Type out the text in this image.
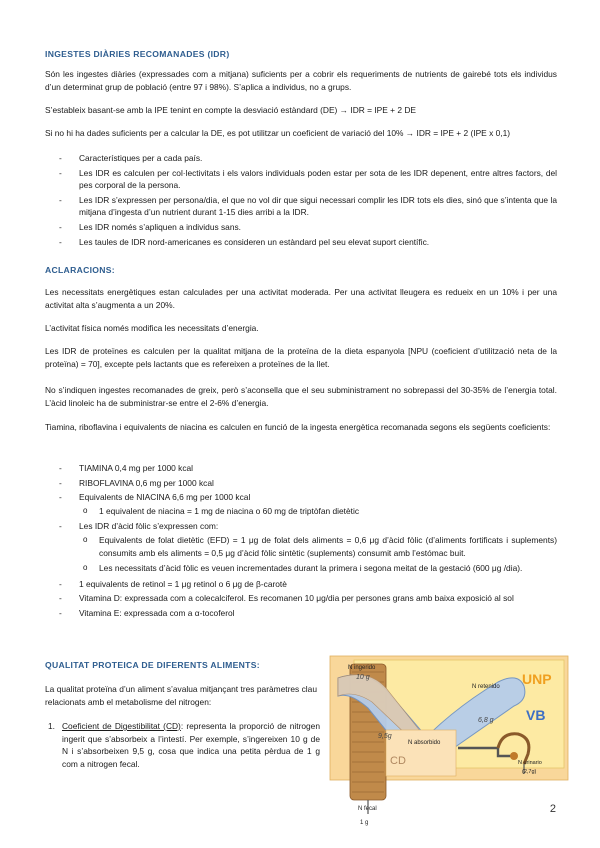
INGESTES DIÀRIES RECOMANADES (IDR)
Són les ingestes diàries (expressades com a mitjana) suficients per a cobrir els requeriments de nutrients de gairebé tots els individus d’un determinat grup de població (entre 97 i 98%). S’aplica a individus, no a grups.
S’estableix basant-se amb la IPE tenint en compte la desviació estàndard (DE) → IDR = IPE + 2 DE
Si no hi ha dades suficients per a calcular la DE, es pot utilitzar un coeficient de variació del 10% → IDR = IPE + 2 (IPE x 0,1)
- Característiques per a cada país.
- Les IDR es calculen per col·lectivitats i els valors individuals poden estar per sota de les IDR depenent, entre altres factors, del pes corporal de la persona.
- Les IDR s’expressen per persona/dia, el que no vol dir que sigui necessari complir les IDR tots els dies, sinó que s’intenta que la mitjana d’ingesta d’un nutrient durant 1-15 dies arribi a la IDR.
- Les IDR només s’apliquen a individus sans.
- Les taules de IDR nord-americanes es consideren un estàndard pel seu elevat suport científic.
ACLARACIONS:
Les necessitats energètiques estan calculades per una activitat moderada. Per una activitat lleugera es redueix en un 10% i per una activitat alta s’augmenta a un 20%.
L’activitat física només modifica les necessitats d’energia.
Les IDR de proteïnes es calculen per la qualitat mitjana de la proteïna de la dieta espanyola [NPU (coeficient d’utilització neta de la proteïna) = 70], excepte pels lactants que es refereixen a proteïnes de la llet.
No s’indiquen ingestes recomanades de greix, però s’aconsella que el seu subministrament no sobrepassi del 30-35% de l’energia total. L’àcid linoleic ha de subministrar-se entre el 2-6% d’energia.
Tiamina, riboflavina i equivalents de niacina es calculen en funció de la ingesta energètica recomanada segons els següents coeficients:
- TIAMINA 0,4 mg per 1000 kcal
- RIBOFLAVINA 0,6 mg per 1000 kcal
- Equivalents de NIACINA 6,6 mg per 1000 kcal
o 1 equivalent de niacina = 1 mg de niacina o 60 mg de triptòfan dietètic
- Les IDR d’àcid fòlic s’expressen com:
o Equivalents de folat dietètic (EFD) = 1 μg de folat dels aliments = 0,6 μg d’àcid fòlic (d’aliments fortificats i suplements) consumits amb els aliments = 0,5 μg d’àcid fòlic sintètic (suplements) consumit amb l’estómac buit.
o Les necessitats d’àcid fòlic es veuen incrementades durant la primera i segona meitat de la gestació (600 μg /dia).
- 1 equivalents de retinol = 1 μg retinol o 6 μg de β-carotè
- Vitamina D: expressada com a colecalciferol. Es recomanen 10 μg/dia per persones grans amb baixa exposició al sol
- Vitamina E: expressada com a α-tocoferol
QUALITAT PROTEICA DE DIFERENTS ALIMENTS:
La qualitat proteïna d’un aliment s’avalua mitjançant tres paràmetres clau relacionats amb el metabolisme del nitrogen:
1. Coeficient de Digestibilitat (CD): representa la proporció de nitrogen ingerit que s’absorbeix a l’intestí. Per exemple, s’ingereixen 10 g de N i s’absorbeixen 9,5 g, cosa que indica una petita pèrdua de 1 g com a nitrogen fecal.
N ingerido
10 g
N retenido
6,8 g
N absorbido
9,5g
N urinario
(2,7g)
N fecal
1 g
UNP
VB
CD
2
